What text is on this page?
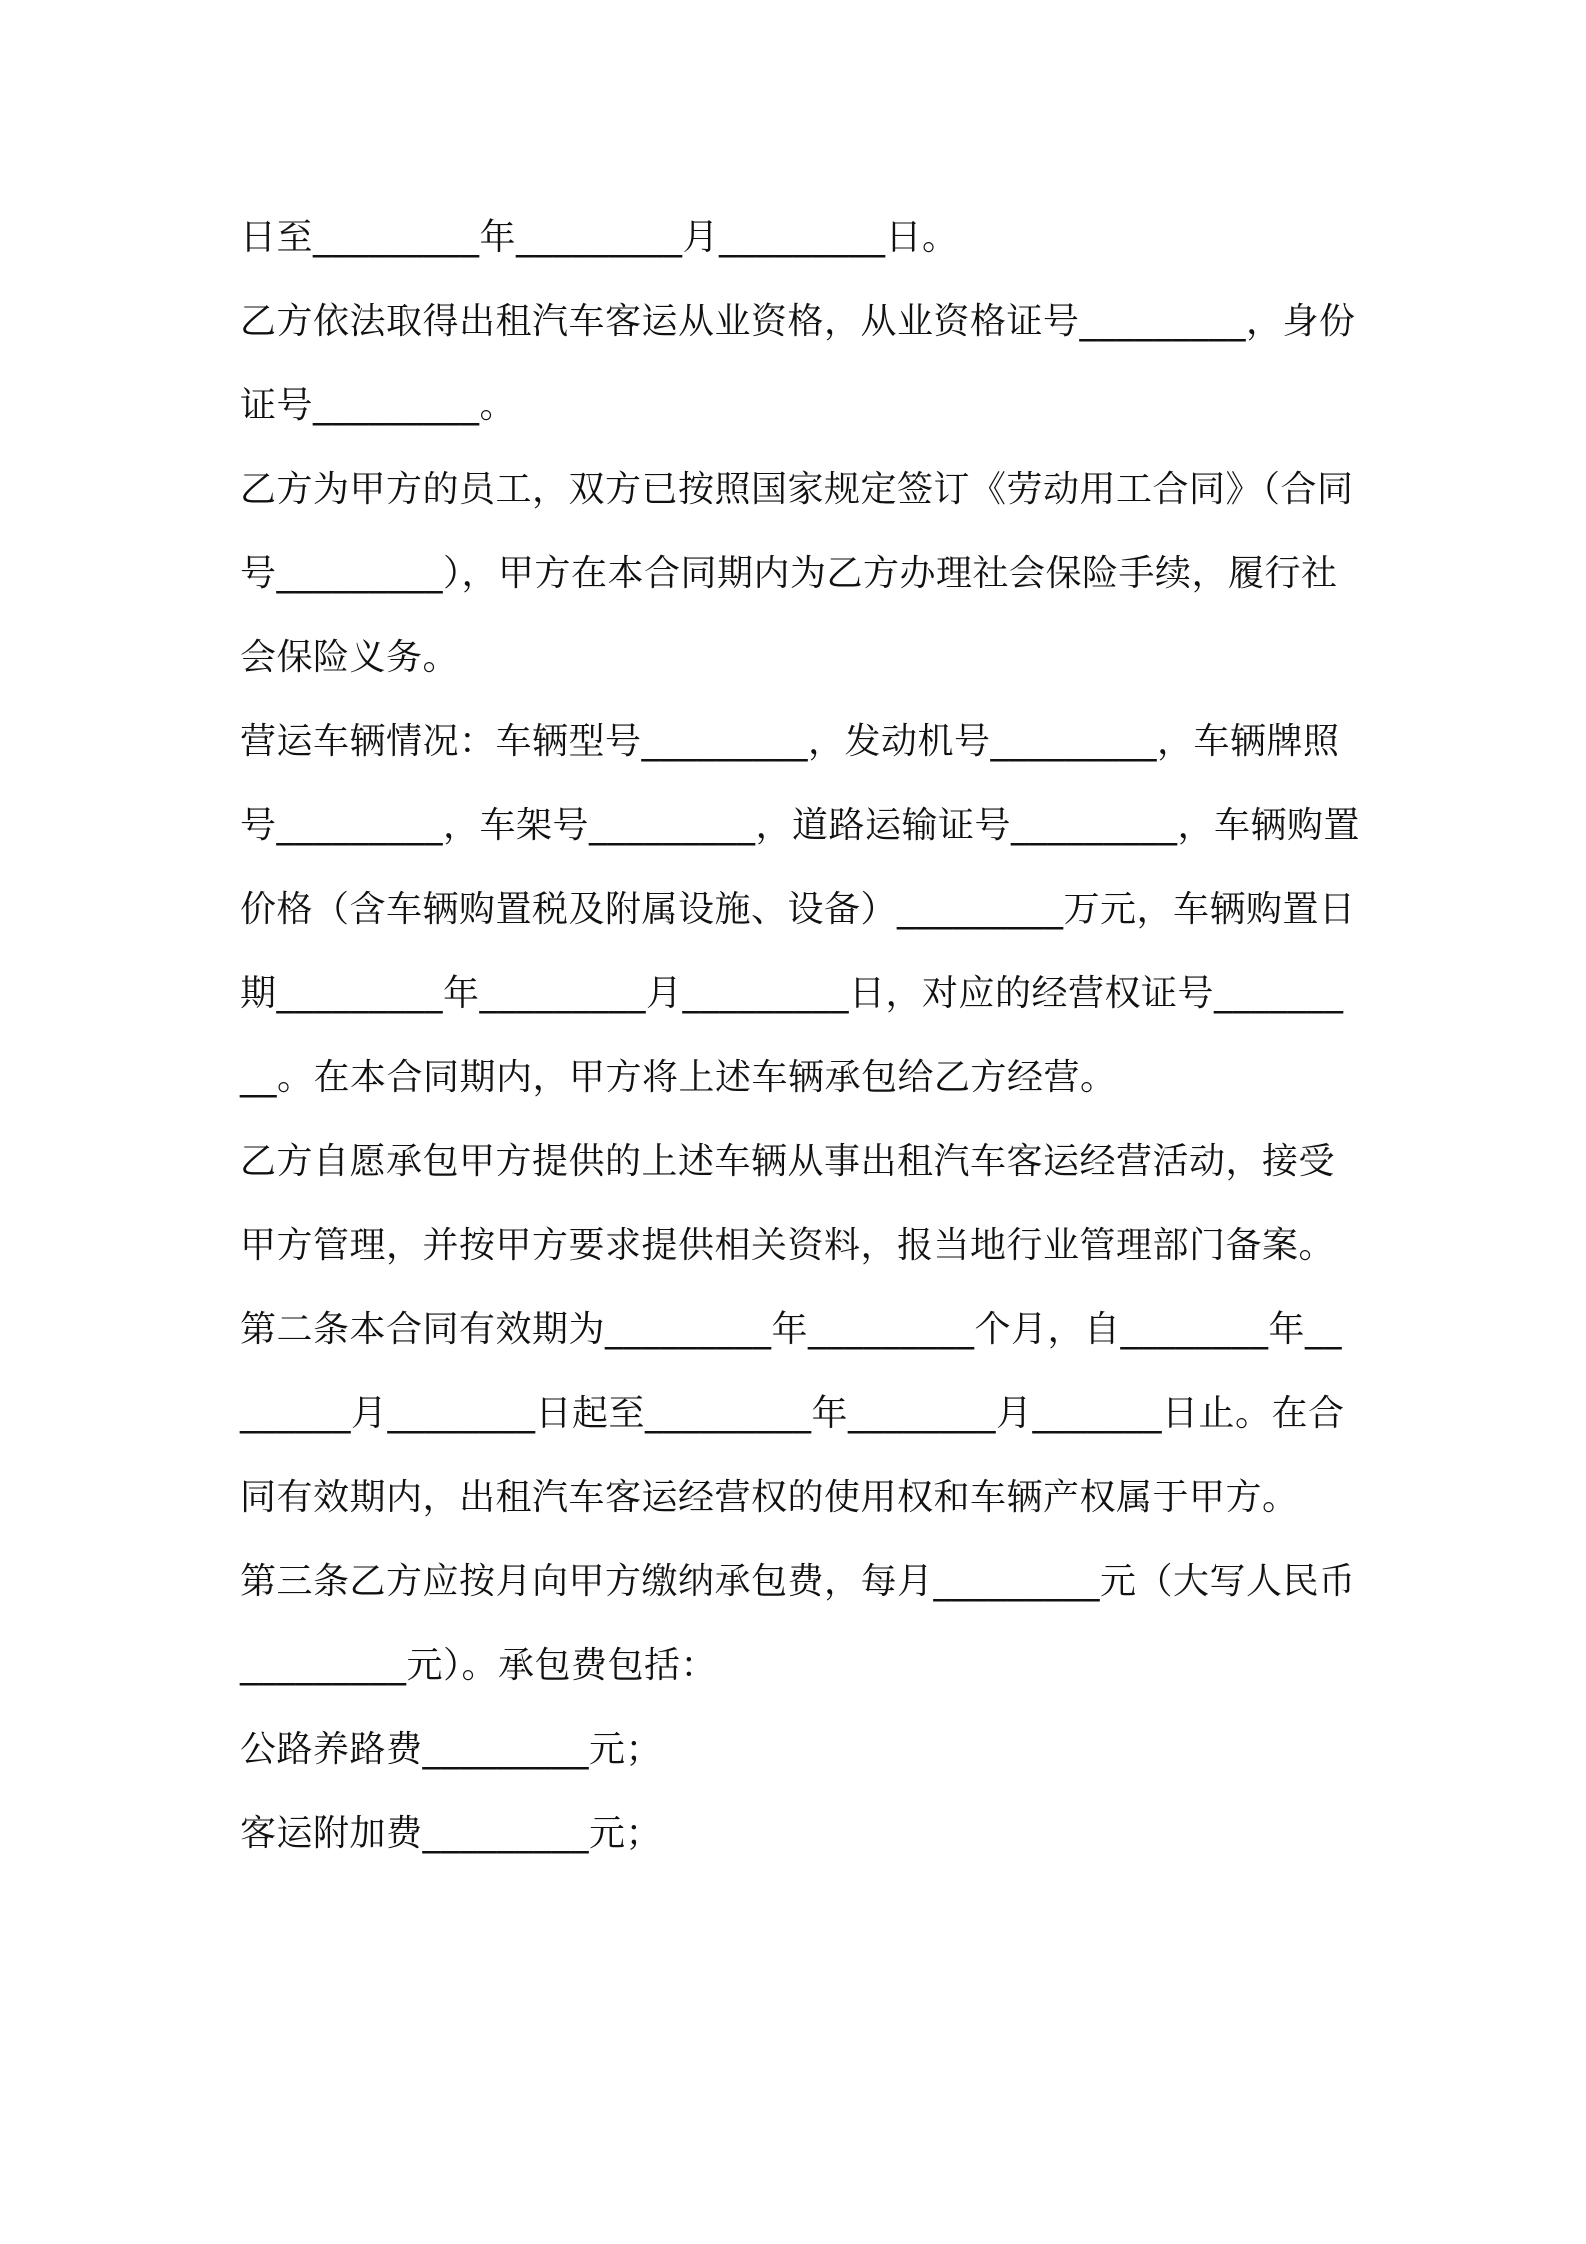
日至_________年_________月_________日。

乙方依法取得出租汽车客运从业资格，从业资格证号_________，身份证号_________。

乙方为甲方的员工，双方已按照国家规定签订《劳动用工合同》（合同号_________），甲方在本合同期内为乙方办理社会保险手续，履行社会保险义务。

营运车辆情况：车辆型号_________，发动机号_________，车辆牌照号_________，车架号_________，道路运输证号_________，车辆购置价格（含车辆购置税及附属设施、设备）_________万元，车辆购置日期_________年_________月_________日，对应的经营权证号_________。在本合同期内，甲方将上述车辆承包给乙方经营。

乙方自愿承包甲方提供的上述车辆从事出租汽车客运经营活动，接受甲方管理，并按甲方要求提供相关资料，报当地行业管理部门备案。

第二条本合同有效期为_________年_________个月，自________年________月________日起至_________年________月_______日止。在合同有效期内，出租汽车客运经营权的使用权和车辆产权属于甲方。

第三条乙方应按月向甲方缴纳承包费，每月_________元（大写人民币_________元）。承包费包括：

公路养路费_________元；

客运附加费_________元；
